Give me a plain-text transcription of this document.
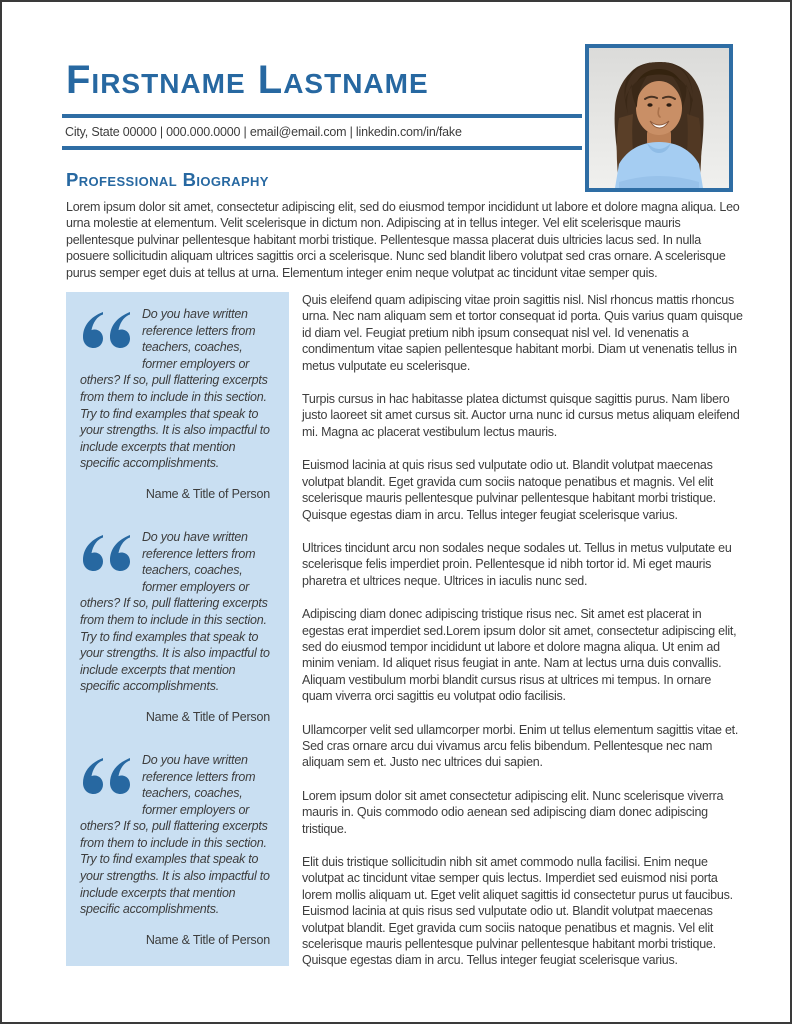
Firstname Lastname
City, State 00000 | 000.000.0000 | email@email.com | linkedin.com/in/fake
Professional Biography

Lorem ipsum dolor sit amet, consectetur adipiscing elit, sed do eiusmod tempor incididunt ut labore et dolore magna aliqua. Leo urna molestie at elementum. Velit scelerisque in dictum non. Adipiscing at in tellus integer. Vel elit scelerisque mauris pellentesque pulvinar pellentesque habitant morbi tristique. Pellentesque massa placerat duis ultricies lacus sed. In nulla posuere sollicitudin aliquam ultrices sagittis orci a scelerisque. Nunc sed blandit libero volutpat sed cras ornare. A scelerisque purus semper eget duis at tellus at urna. Elementum integer enim neque volutpat ac tincidunt vitae semper quis.

Do you have written reference letters from teachers, coaches, former employers or others? If so, pull flattering excerpts from them to include in this section. Try to find examples that speak to your strengths. It is also impactful to include excerpts that mention specific accomplishments.

Name & Title of Person

Do you have written reference letters from teachers, coaches, former employers or others? If so, pull flattering excerpts from them to include in this section. Try to find examples that speak to your strengths. It is also impactful to include excerpts that mention specific accomplishments.

Name & Title of Person

Do you have written reference letters from teachers, coaches, former employers or others? If so, pull flattering excerpts from them to include in this section. Try to find examples that speak to your strengths. It is also impactful to include excerpts that mention specific accomplishments.

Name & Title of Person

Quis eleifend quam adipiscing vitae proin sagittis nisl. Nisl rhoncus mattis rhoncus urna. Nec nam aliquam sem et tortor consequat id porta. Quis varius quam quisque id diam vel. Feugiat pretium nibh ipsum consequat nisl vel. Id venenatis a condimentum vitae sapien pellentesque habitant morbi. Diam ut venenatis tellus in metus vulputate eu scelerisque.

Turpis cursus in hac habitasse platea dictumst quisque sagittis purus. Nam libero justo laoreet sit amet cursus sit. Auctor urna nunc id cursus metus aliquam eleifend mi. Magna ac placerat vestibulum lectus mauris.

Euismod lacinia at quis risus sed vulputate odio ut. Blandit volutpat maecenas volutpat blandit. Eget gravida cum sociis natoque penatibus et magnis. Vel elit scelerisque mauris pellentesque pulvinar pellentesque habitant morbi tristique. Quisque egestas diam in arcu. Tellus integer feugiat scelerisque varius.

Ultrices tincidunt arcu non sodales neque sodales ut. Tellus in metus vulputate eu scelerisque felis imperdiet proin. Pellentesque id nibh tortor id. Mi eget mauris pharetra et ultrices neque. Ultrices in iaculis nunc sed.

Adipiscing diam donec adipiscing tristique risus nec. Sit amet est placerat in egestas erat imperdiet sed.Lorem ipsum dolor sit amet, consectetur adipiscing elit, sed do eiusmod tempor incididunt ut labore et dolore magna aliqua. Ut enim ad minim veniam. Id aliquet risus feugiat in ante. Nam at lectus urna duis convallis. Aliquam vestibulum morbi blandit cursus risus at ultrices mi tempus. In ornare quam viverra orci sagittis eu volutpat odio facilisis.

Ullamcorper velit sed ullamcorper morbi. Enim ut tellus elementum sagittis vitae et. Sed cras ornare arcu dui vivamus arcu felis bibendum. Pellentesque nec nam aliquam sem et. Justo nec ultrices dui sapien.

Lorem ipsum dolor sit amet consectetur adipiscing elit. Nunc scelerisque viverra mauris in. Quis commodo odio aenean sed adipiscing diam donec adipiscing tristique.

Elit duis tristique sollicitudin nibh sit amet commodo nulla facilisi. Enim neque volutpat ac tincidunt vitae semper quis lectus. Imperdiet sed euismod nisi porta lorem mollis aliquam ut. Eget velit aliquet sagittis id consectetur purus ut faucibus. Euismod lacinia at quis risus sed vulputate odio ut. Blandit volutpat maecenas volutpat blandit. Eget gravida cum sociis natoque penatibus et magnis. Vel elit scelerisque mauris pellentesque pulvinar pellentesque habitant morbi tristique. Quisque egestas diam in arcu. Tellus integer feugiat scelerisque varius.
